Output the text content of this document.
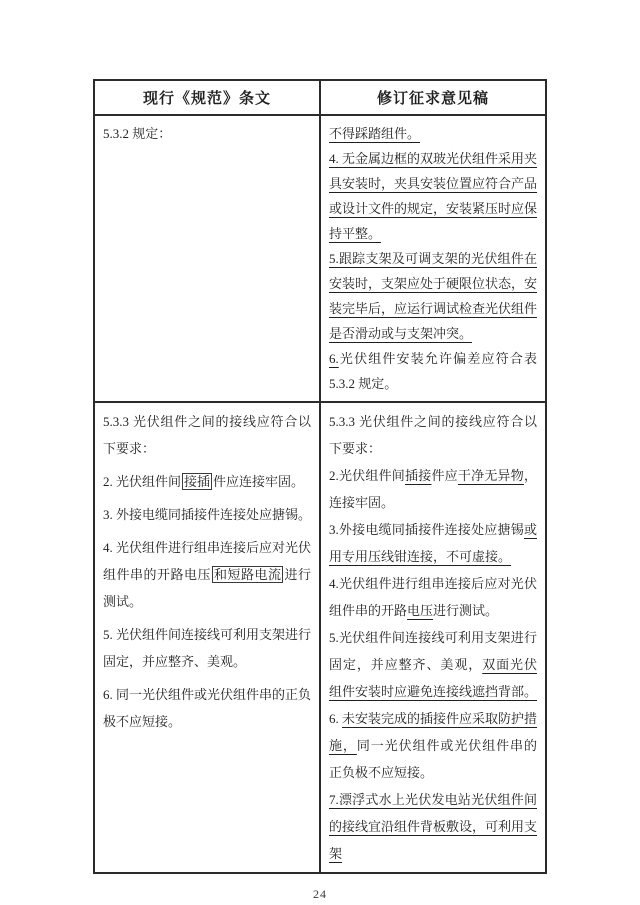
现行《规范》条文	修订征求意见稿
5.3.2 规定：	不得踩踏组件。
4. 无金属边框的双玻光伏组件采用夹具安装时，夹具安装位置应符合产品或设计文件的规定，安装紧压时应保持平整。
5.跟踪支架及可调支架的光伏组件在安装时，支架应处于硬限位状态，安装完毕后，应运行调试检查光伏组件是否滑动或与支架冲突。
6.光伏组件安装允许偏差应符合表5.3.2 规定。
5.3.3 光伏组件之间的接线应符合以下要求：
2. 光伏组件间 接插 件应连接牢固。
3. 外接电缆同插接件连接处应搪锡。
4. 光伏组件进行组串连接后应对光伏组件串的开路电压 和短路电流 进行测试。
5. 光伏组件间连接线可利用支架进行固定，并应整齐、美观。
6. 同一光伏组件或光伏组件串的正负极不应短接。
5.3.3 光伏组件之间的接线应符合以下要求：
2.光伏组件间插接件应干净无异物，连接牢固。
3.外接电缆同插接件连接处应搪锡或用专用压线钳连接，不可虚接。
4.光伏组件进行组串连接后应对光伏组件串的开路电压进行测试。
5.光伏组件间连接线可利用支架进行固定，并应整齐、美观，双面光伏组件安装时应避免连接线遮挡背部。
6. 未安装完成的插接件应采取防护措施，同一光伏组件或光伏组件串的正负极不应短接。
7.漂浮式水上光伏发电站光伏组件间的接线宜沿组件背板敷设，可利用支架
24
